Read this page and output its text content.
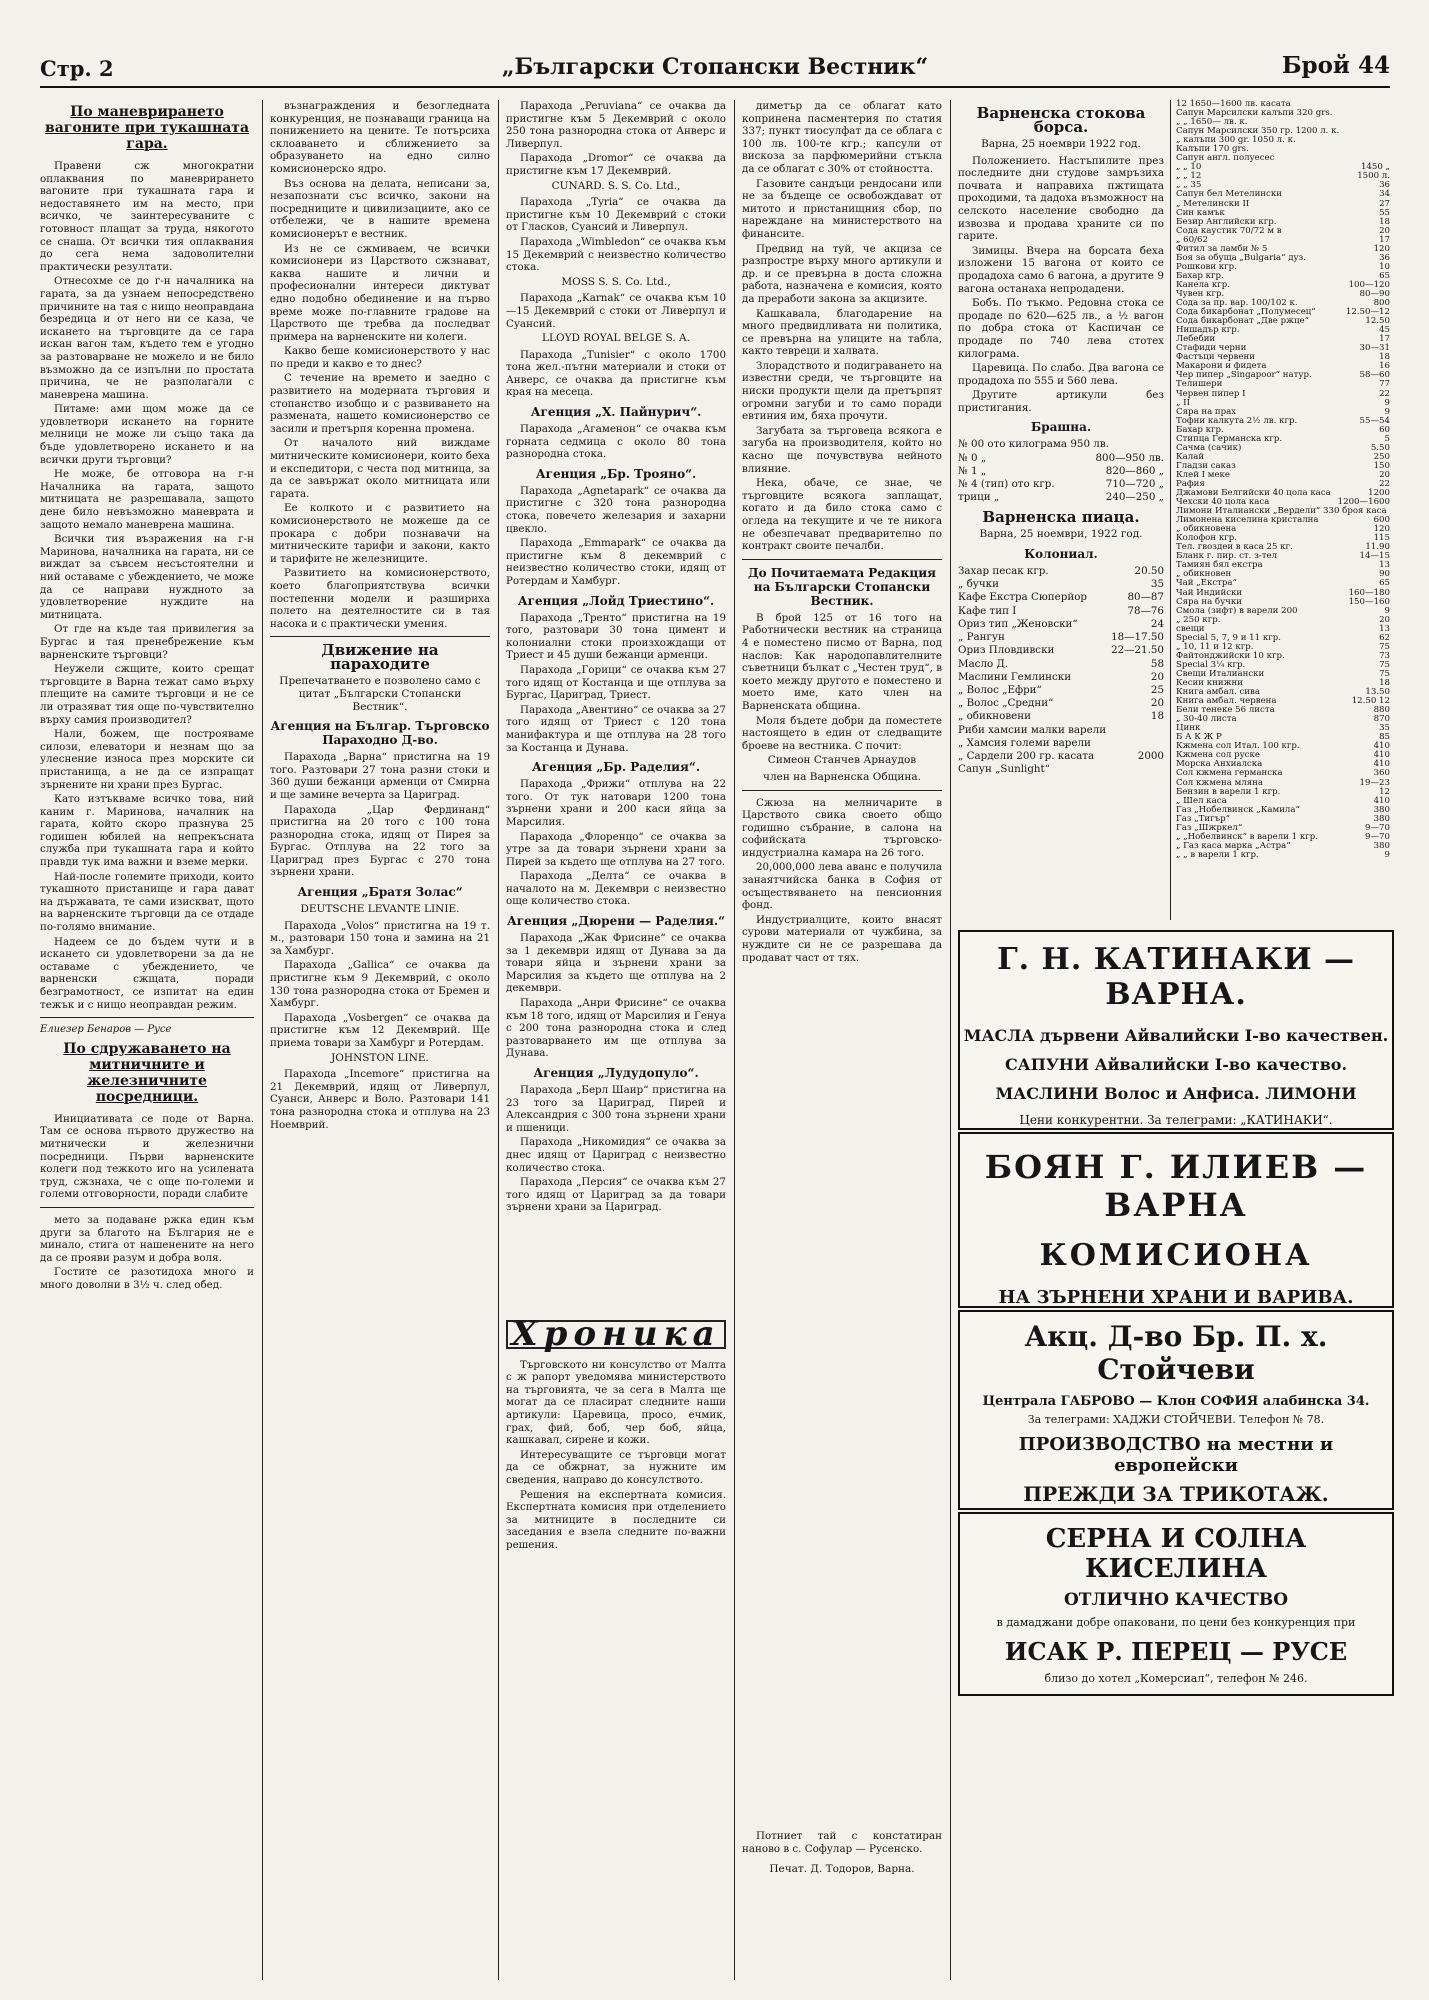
Стр. 2	„Български Стопански Вестник“	Брой 44
По маневрирането вагоните при тукашната гара.

Правени сж многократни оплаквания по маневрирането вагоните при тукашната гара и недоставянето им на место, при всичко, че заинтересуваните с готовност плащат за труда, някогото се снаша. От всички тия оплаквания до сега нема задоволителни практически резултати.

Отнесохме се до г-н началника на гарата, за да узнаем непосредствено причините на тая с нищо неоправдана безредица и от него ни се каза, че искането на търговците да се гара искан вагон там, където тем е угодно за разтоварване не можело и не било възможно да се изпълни по простата причина, че не разполагали с маневрена машина.

Питаме: ами щом може да се удовлетвори искането на горните мелници не може ли също така да бъде удовлетворено искането и на всички други търговци?

Не може, бе отговора на г-н Началника на гарата, защото митницата не разрешавала, защото дене било невъзможно маневрата и защото немало маневрена машина.

Всички тия възражения на г-н Маринова, началника на гарата, ни се виждат за съвсем несъстоятелни и ний оставаме с убеждението, че може да се направи нуждното за удовлетворение нуждите на митницата.

От где на къде тая привилегия за Бургас и тая пренебрежение към варненските търговци?

Неужели сжщите, които срещат търговците в Варна тежат само върху плещите на самите търговци и не се ли отразяват тия още по-чувствително върху самия производител?

Нали, божем, ще построяваме силози, елеватори и незнам що за улеснение износа през морските си пристанища, а не да се изпращат зърнените ни храни през Бургас.

Като изтъкваме всичко това, ний каним г. Маринова, началник на гарата, който скоро празнува 25 годишен юбилей на непрекъсната служба при тукашната гара и който правди тук има важни и вземе мерки.

Най-после големите приходи, които тукашното пристанище и гара дават на държавата, те сами изискват, щото на варненските търговци да се отдаде по-голямо внимание.

Надеем се до бъдем чути и в искането си удовлетворени за да не оставаме с убеждението, че варненски сжщата, поради безграмотност, се изпитат на един тежък и с нищо неоправдан режим.

Елиезер Бенаров — Русе
По сдружаването на митничните и железничните посредници.

Инициативата се поде от Варна. Там се основа първото дружество на митнически и железнични посредници. Първи варненските колеги под тежкото иго на усилената труд, сжзнаха, че с още по-големи и големи отговорности, поради слабите

мето за подаване ржка един към други за благото на България не е минало, стига от нашенените на него да се прояви разум и добра воля.

Гостите се разотидоха много и много доволни в 3½ ч. след обед.

възнаграждения и безогледната конкуренция, не познаващи граница на понижението на цените. Те потърсиха склоаването и сближението за образуването на едно силно комисионерско ядро.

Въз основа на делата, неписани за, незапознати със всичко, закони на посредниците и цивилизациите, ако се отбележи, че в нашите времена комисионерът е вестник.

Из не се сжмиваем, че всички комисионери из Царството сжзнават, каква нашите и лични и професионални интереси диктуват едно подобно обединение и на първо време може пo-главните градове на Царството ще требва да последват примера на варненските ни колеги.

Какво беше комисионерството у нас по преди и какво е то днес?

С течение на времето и заедно с развитието на модерната търговия и стопанство изобщо и с развиването на размената, нашето комисионерство се засили и претърпя коренна промена.

От началото ний виждаме митническите комисионери, които беха и експедитори, с честа под митница, за да се завържат около митницата или гарата.

Ее колкото и с развитието на комисионерството не можеше да се прокара с добри познавачи на митническите тарифи и закони, както и тарифите не железниците.

Развитието на комисионерството, което благоприятствува всички постепенни модели и разшириха полето на деятелностите си в тая насока и с практически умения.

Движение на параходите
Препечатването е позволено само с цитат „Български Стопански Вестник“.
Агенция на Българ. Търговско Параходно Д-во.

Парахода „Варна“ пристигна на 19 того. Разтовари 27 тона разни стоки и 360 души бежанци арменци от Смирна и ще замине вечерта за Цариград.

Парахода „Цар Фердинанд“ пристигна на 20 того с 100 тона разнородна стока, идящ от Пирея за Бургас. Отплува на 22 того за Цариград през Бургас с 270 тона зърнени храни.

Агенция „Братя Золас“
DEUTSCHE LEVANTE LINIE.

Парахода „Volos“ пристигна на 19 т. м., разтовари 150 тона и замина на 21 за Хамбург.

Парахода „Gallica“ се очаква да пристигне към 9 Декемврий, с около 130 тона разнородна стока от Бремен и Хамбург.

Парахода „Vosbergen“ се очаква да пристигне към 12 Декемврий. Ще приема товари за Хамбург и Ротердам.

JOHNSTON LINE.

Парахода „Incemore“ пристигна на 21 Декемврий, идящ от Ливерпул, Суанси, Анверс и Воло. Разтовари 141 тона разнородна стока и отплува на 23 Ноемврий.

Парахода „Peruviana“ се очаква да пристигне към 5 Декемврий с около 250 тона разнородна стока от Анверс и Ливерпул.

Парахода „Dromor“ се очаква да пристигне към 17 Декемврий.

CUNARD. S. S. Co. Ltd.,

Парахода „Tyria“ се очаква да пристигне към 10 Декемврий с стоки от Гласков, Суансий и Ливерпул.

Парахода „Wimbledon“ се очаква към 15 Декемврий с неизвестно количество стока.

MOSS S. S. Co. Ltd.,

Парахода „Karnak“ се очаква към 10—15 Декемврий с стоки от Ливерпул и Суансий.

LLOYD ROYAL BELGE S. A.

Парахода „Tunisier“ с около 1700 тона жел.-пътни материали и стоки от Анверс, се очаква да пристигне към края на месеца.

Агенция „Х. Пайнурич“.

Парахода „Агаменон“ се очаква към горната седмица с около 80 тона разнородна стока.

Агенция „Бр. Трояно“.

Парахода „Agnetapark“ се очаква да пристигне с 320 тона разнородна стока, повечето железария и захарни цвекло.

Парахода „Emmapark“ се очаква да пристигне към 8 декемврий с неизвестно количество стоки, идящ от Ротердам и Хамбург.

Агенция „Лойд Триестино“.

Парахода „Тренто“ пристигна на 19 того, разтовари 30 тона цимент и колониални стоки произхождащи от Триест и 45 души бежанци арменци.

Парахода „Горици“ се очаква към 27 того идящ от Костанца и ще отплува за Бургас, Цариград, Триест.

Парахода „Авентино“ се очаква за 27 того идящ от Триест с 120 тона манифактура и ще отплува на 28 того за Костанца и Дунава.

Агенция „Бр. Раделия“.

Парахода „Фрижи“ отплува на 22 того. От тук натовари 1200 тона зърнени храни и 200 каси яйца за Марсилия.

Парахода „Флоренцо“ се очаква за утре за да товари зърнени храни за Пирей за където ще отплува на 27 того.

Парахода „Делта“ се очаква в началото на м. Декември с неизвестно още количество стока.

Агенция „Дюрени — Раделия.“

Парахода „Жак Фрисине“ се очаква за 1 декември идящ от Дунава за да товари яйца и зърнени храни за Марсилия за където ще отплува на 2 декември.

Парахода „Анри Фрисине“ се очаква към 18 того, идящ от Марсилия и Генуа с 200 тона разнородна стока и след разтоварването им ще отплува за Дунава.

Агенция „Лудудопуло“.

Парахода „Берл Шаир“ пристигна на 23 того за Цариград, Пирей и Александрия с 300 тона зърнени храни и пшеници.

Парахода „Никомидия“ се очаква за днес идящ от Цариград с неизвестно количество стока.

Парахода „Персия“ се очаква към 27 того идящ от Цариград за да товари зърнени храни за Цариград.

диметър да се облагат като копринена пасментерия по статия 337; пункт тиосулфат да се облага с 100 лв. 100-те кгр.; капсули от вискоза за парфюмерийни стъкла да се облагат с 30% от стойността.

Газовите сандъци рендосани или не за бъдеще се освобождават от митото и пристанищния сбор, по нареждане на министерството на финансите.

Предвид на туй, че акциза се разпростре върху много артикули и др. и се превърна в доста сложна работа, назначена е комисия, която да преработи закона за акцизите.

Кашкавала, благодарение на много предвидливата ни политика, се превърна на улиците на табла, както тевреци и халвата.

Злорадството и подиграването на известни среди, че търговците на ниски продукти щели да претърпят огромни загуби и то само поради евтиния им, бяха прочути.

Загубата за търговеца всякога е загуба на производителя, който но касно ще почувствува нейното влияние.

Нека, обаче, се знае, че търговците всякога заплащат, когато и да било стока само с огледа на текущите и че те никога не обезпечават предварително по контракт своите печалби.

До Почитаемата Редакция на Български Стопански Вестник.

В брой 125 от 16 того на Работнически вестник на страница 4 е поместено писмо от Варна, под наслов: Как народопавлителните съветници бълкат с „Честен труд“, в което между другото е поместено и моето име, като член на Варненската община.

Моля бъдете добри да поместете настоящето в един от следващите броеве на вестника. С почит:

Симеон Станчев Арнаудов
член на Варненска Община.

Сжюза на мелничарите в Царството свика своето общо годишно събрание, в салона на софийската търговско-индустриална камара на 26 того.

20,000,000 лева аванс е получила занаятчийска банка в София от осъществяването на пенсионния фонд.

Индустриалците, които внасят сурови материали от чужбина, за нуждите си не се разрешава да продават част от тях.

Хроника

Търговското ни консулство от Малта с ж рапорт уведомява министерството на търговията, че за сега в Малта ще могат да се пласират следните наши артикули: Царевица, просо, ечмик, грах, фий, боб, чер боб, яйца, кашкавал, сирене и кожи.

Интересуващите се търговци могат да се обжрнат, за нужните им сведения, направо до консулството.

Решения на експертната комисия. Експертната комисия при отделението за митниците в последните си заседания е взела следните по-важни решения.

Потниет тай с констатиран наново в с. Софулар — Русенско.

Печат. Д. Тодоров, Варна.
Варненска стокова борса.
Варна, 25 ноември 1922 год.

Положението. Настъпилите през последните дни студове замръзиха почвата и направиха пжтищата проходими, та дадоха възможност на селското население свободно да извозва и продава храните си по гарите.

Зимицы. Вчера на борсата беха изложени 15 вагона от които се продадоха само 6 вагона, а другите 9 вагона останаха непродадени.

Бобъ. По тъкмо. Редовна стока се продаде по 620—625 лв., а ½ вагон по добра стока от Каспичан се продаде по 740 лева стотех килограма.

Царевица. По слабо. Два вагона се продадоха по 555 и 560 лева.

Другите артикули без пристигания.

Брашна.
№ 00 ото килограма 950 лв.
№ 0 „	800—950 лв.
№ 1 „	820—860 „
№ 4 (тип) ото кгр.	710—720 „
трици „	240—250 „
Варненска пиаца.
Варна, 25 ноември, 1922 год.
Колониал.
Захар песак кгр.	20.50
„ бучки	35
Кафе Екстра Сюперйор	80—87
Кафе тип I	78—76
Ориз тип „Женовски“	24
„ Рангун	18—17.50
Ориз Пловдивски	22—21.50
Масло Д.	58
Маслини Гемлински	20
„ Волос „Ефри“	25
„ Волос „Средни“	20
„ обикновени	18
Риби хамсии малки варели
„ Хамсия големи варели
„ Сардели 200 гр. касата	2000
Сапун „Sunlight“
12 1650—1600 лв. касата
Сапун Марсилски калъпи 320 grs.
„ „ 1650— лв. к.
Сапун Марсилски 350 гр. 1200 л. к.
„ калъпи 300 gr. 1050 л. к.
Калъпи 170 grs.
Сапун англ. полуесес
„ „ 10	1450 „
„ „ 12	1500 л.
„ „ 35	36
Сапун бел Метелински	34
„ Метелински II	27
Син камък	55
Безир Английски кгр.	18
Сода каустик 70/72 м в	20
„ 60/62	17
Фитил за ламби № 5	120
Боя за обуща „Bulgaria“ дуз.	36
Рошкови кгр.	10
Бахар кгр.	65
Канела кгр.	100—120
Чувен кгр.	80—90
Сода за пр. вар. 100/102 к.	800
Сода бикарбонат „Полумесец“	12.50—12
Сода бикарбонат „Две ржце“	12.50
Нишадър кгр.	45
Лебебии	17
Стафиди черни	30—31
Фастъци червени	18
Макарони и фидета	16
Чер пипер „Singapoor“ натур.	58—60
Телишери	77
Червен пипер I	22
„ II	9
Сяра на прах	9
Тофни калкута 2½ лв. кгр.	55—54
Бахар кгр.	60
Стипца Германска кгр.	5
Сачма (сачик)	5.50
Калай	250
Гладзи саказ	150
Клей I меке	20
Рафия	22
Джамови Белгийски 40 цола каса	1200
Чехски 40 цола каса	1200—1600
Лимони Италиански „Вердели“ 330 броя каса
Лимонена киселина кристална	600
„ обикновена	120
Колофон кгр.	115
Тел. гвоздеи в каса 25 кг.	11.90
Бланк г. пир. ст. з-тел	14—15
Тамиян бял екстра	13
„ обикновен	90
Чай „Екстра“	65
Чай Индийски	160—180
Сяра на бучки	150—160
Смола (зифт) в варели 200	9
„ 250 кгр.	20
свещи	13
Special 5, 7, 9 и 11 кгр.	62
„ 10, 11 и 12 кгр.	75
Файтонджийски 10 кгр.	73
Special 3¼ кгр.	75
Свещи Италиански	75
Кесии книжни	18
Книга амбал. сива	13.50
Книга амбал. червена	12.50 12
Бели тенеке 56 листа	880
„ 30-40 листа	870
Цинк	35
Б А К Ж Р	85
Кжмена сол Итал. 100 кгр.	410
Кжмена сол руске	410
Морска Анхиалска	410
Сол кжмена германска	360
Сол кжмена мляна	19—23
Бензин в варели 1 кгр.	12
„ Шел каса	410
Газ „Нобелвинск „Камила“	380
Газ „Тигър“	380
Газ „Шжркел“	9—70
„ „Нобелвинск“ в варели 1 кгр.	9—70
„ Газ каса марка „Астра“	380
„ „ в варели 1 кгр.	9
Г. Н. КАТИНАКИ — ВАРНА.
МАСЛА дървени Айвалийски I-во качествен.
САПУНИ Айвалийски I-во качество.
МАСЛИНИ Волос и Анфиса. ЛИМОНИ
Цени конкурентни. За телеграми: „КАТИНАКИ“.
БОЯН Г. ИЛИЕВ — ВАРНА
КОМИСИОНА
НА ЗЪРНЕНИ ХРАНИ И ВАРИВА.
Акц. Д-во Бр. П. х. Стойчеви
Централа ГАБРОВО — Клон СОФИЯ алабинска 34.
За телеграми: ХАДЖИ СТОЙЧЕВИ. Телефон № 78.
ПРОИЗВОДСТВО на местни и европейски
ПРЕЖДИ ЗА ТРИКОТАЖ.
СЕРНА И СОЛНА КИСЕЛИНА
ОТЛИЧНО КАЧЕСТВО
в дамаджани добре опаковани, по цени без конкуренция при
ИСАК Р. ПЕРЕЦ — РУСЕ
близо до хотел „Комерсиал“, телефон № 246.
